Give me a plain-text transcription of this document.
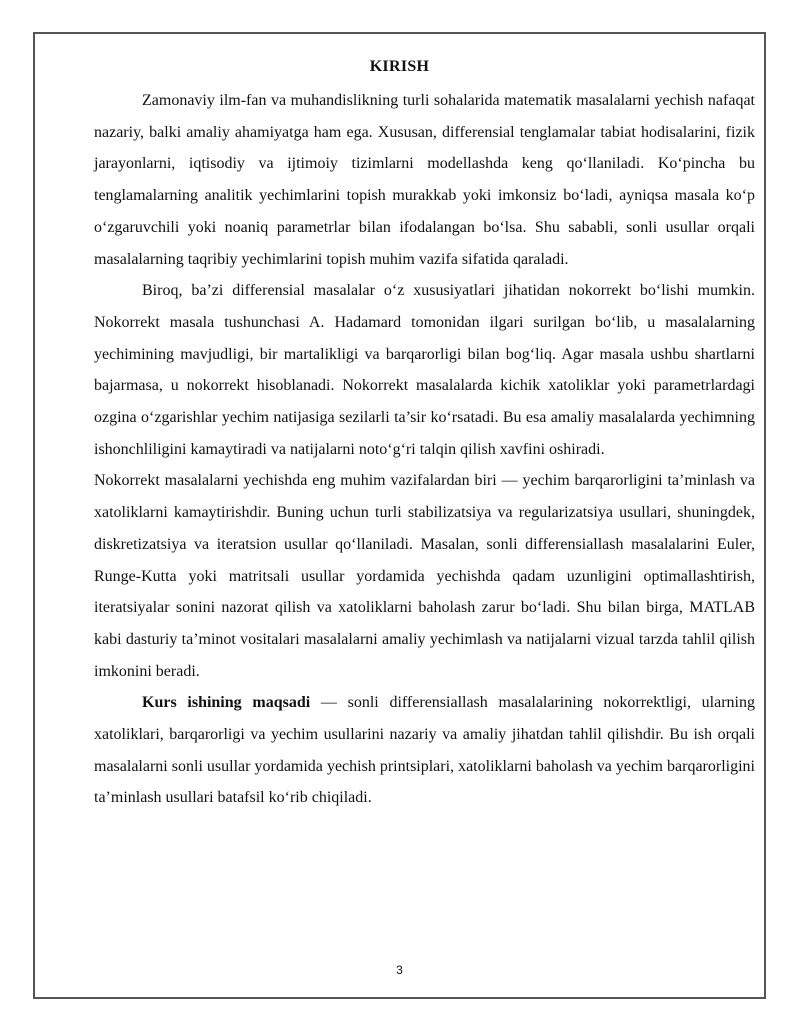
KIRISH

Zamonaviy ilm-fan va muhandislikning turli sohalarida matematik masalalarni yechish nafaqat nazariy, balki amaliy ahamiyatga ham ega. Xususan, differensial tenglamalar tabiat hodisalarini, fizik jarayonlarni, iqtisodiy va ijtimoiy tizimlarni modellashda keng qo‘llaniladi. Ko‘pincha bu tenglamalarning analitik yechimlarini topish murakkab yoki imkonsiz bo‘ladi, ayniqsa masala ko‘p o‘zgaruvchili yoki noaniq parametrlar bilan ifodalangan bo‘lsa. Shu sababli, sonli usullar orqali masalalarning taqribiy yechimlarini topish muhim vazifa sifatida qaraladi.

Biroq, ba’zi differensial masalalar o‘z xususiyatlari jihatidan nokorrekt bo‘lishi mumkin. Nokorrekt masala tushunchasi A. Hadamard tomonidan ilgari surilgan bo‘lib, u masalalarning yechimining mavjudligi, bir martalikligi va barqarorligi bilan bog‘liq. Agar masala ushbu shartlarni bajarmasa, u nokorrekt hisoblanadi. Nokorrekt masalalarda kichik xatoliklar yoki parametrlardagi ozgina o‘zgarishlar yechim natijasiga sezilarli ta’sir ko‘rsatadi. Bu esa amaliy masalalarda yechimning ishonchliligini kamaytiradi va natijalarni noto‘g‘ri talqin qilish xavfini oshiradi.

Nokorrekt masalalarni yechishda eng muhim vazifalardan biri — yechim barqarorligini ta’minlash va xatoliklarni kamaytirishdir. Buning uchun turli stabilizatsiya va regularizatsiya usullari, shuningdek, diskretizatsiya va iteratsion usullar qo‘llaniladi. Masalan, sonli differensiallash masalalarini Euler, Runge-Kutta yoki matritsali usullar yordamida yechishda qadam uzunligini optimallashtirish, iteratsiyalar sonini nazorat qilish va xatoliklarni baholash zarur bo‘ladi. Shu bilan birga, MATLAB kabi dasturiy ta’minot vositalari masalalarni amaliy yechimlash va natijalarni vizual tarzda tahlil qilish imkonini beradi.

Kurs ishining maqsadi — sonli differensiallash masalalarining nokorrektligi, ularning xatoliklari, barqarorligi va yechim usullarini nazariy va amaliy jihatdan tahlil qilishdir. Bu ish orqali masalalarni sonli usullar yordamida yechish printsiplari, xatoliklarni baholash va yechim barqarorligini ta’minlash usullari batafsil ko‘rib chiqiladi.

3
